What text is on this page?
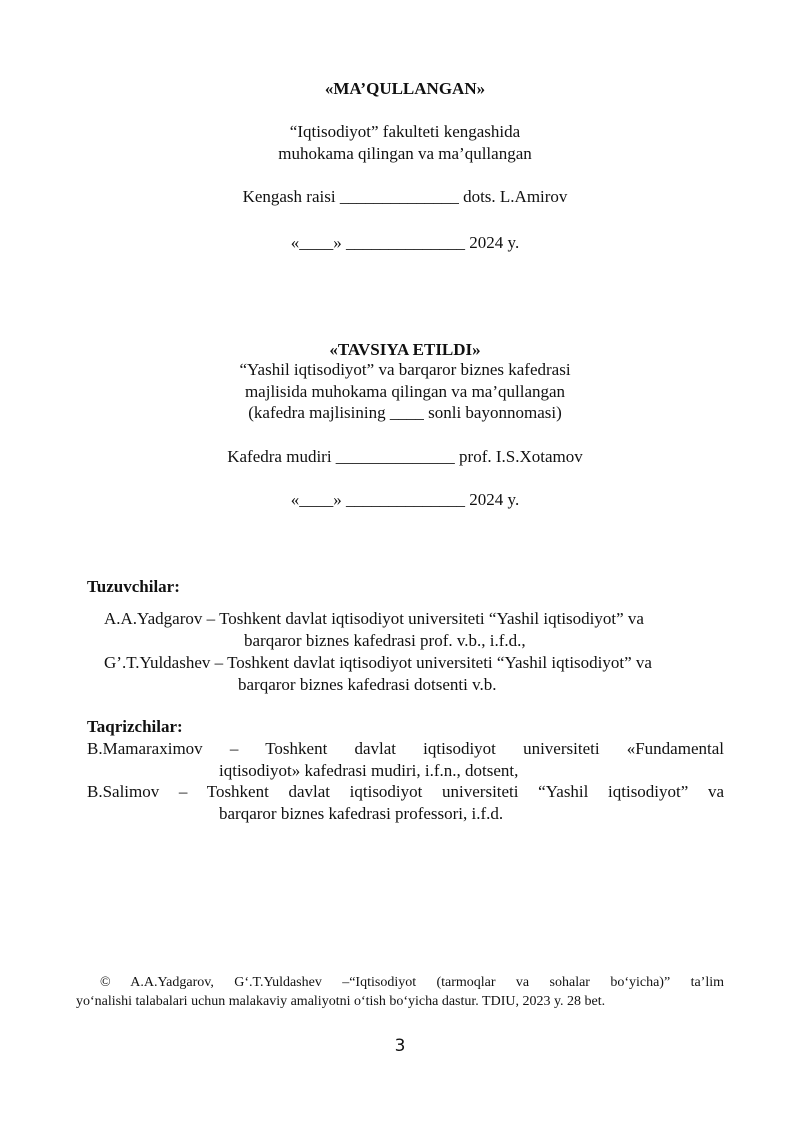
«MA’QULLANGAN»
“Iqtisodiyot” fakulteti kengashida
muhokama qilingan va ma’qullangan
Kengash raisi ______________ dots. L.Amirov
«____» ______________ 2024 y.
«TAVSIYA ETILDI»
“Yashil iqtisodiyot” va barqaror biznes kafedrasi
majlisida muhokama qilingan va ma’qullangan
(kafedra majlisining ____ sonli bayonnomasi)
Kafedra mudiri ______________ prof. I.S.Xotamov
«____» ______________ 2024 y.
Tuzuvchilar:
A.A.Yadgarov – Toshkent davlat iqtisodiyot universiteti “Yashil iqtisodiyot” va
barqaror biznes kafedrasi prof. v.b., i.f.d.,
G’.T.Yuldashev – Toshkent davlat iqtisodiyot universiteti “Yashil iqtisodiyot” va
barqaror biznes kafedrasi dotsenti v.b.
Taqrizchilar:
B.Mamaraximov – Toshkent davlat iqtisodiyot universiteti «Fundamental
iqtisodiyot» kafedrasi mudiri, i.f.n., dotsent,
B.Salimov – Toshkent davlat iqtisodiyot universiteti “Yashil iqtisodiyot” va
barqaror biznes kafedrasi professori, i.f.d.
© A.A.Yadgarov, G‘.T.Yuldashev –“Iqtisodiyot (tarmoqlar va sohalar bo‘yicha)” ta’lim
yo‘nalishi talabalari uchun malakaviy amaliyotni o‘tish bo‘yicha dastur. TDIU, 2023 y. 28 bet.
3
